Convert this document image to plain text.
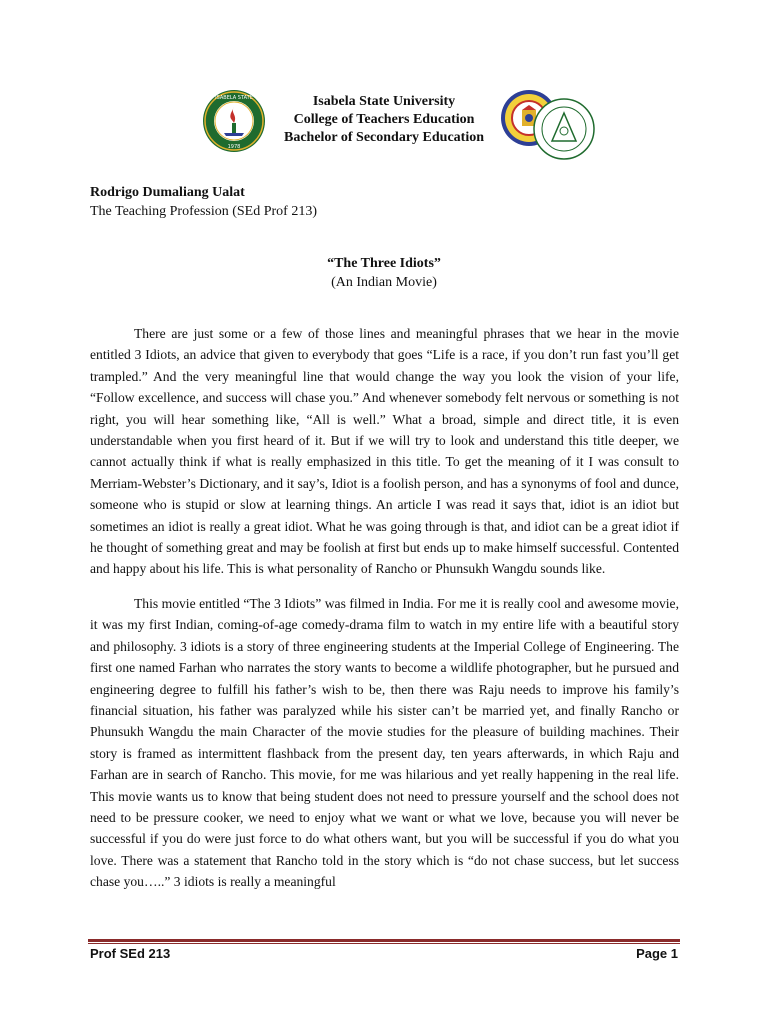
ISABELA STATE
1978
Isabela State University
College of Teachers Education
Bachelor of Secondary Education
Rodrigo Dumaliang Ualat
The Teaching Profession (SEd Prof 213)
“The Three Idiots”
(An Indian Movie)

There are just some or a few of those lines and meaningful phrases that we hear in the movie entitled 3 Idiots, an advice that given to everybody that goes “Life is a race, if you don’t run fast you’ll get trampled.” And the very meaningful line that would change the way you look the vision of your life, “Follow excellence, and success will chase you.” And whenever somebody felt nervous or something is not right, you will hear something like, “All is well.” What a broad, simple and direct title, it is even understandable when you first heard of it. But if we will try to look and understand this title deeper, we cannot actually think if what is really emphasized in this title. To get the meaning of it I was consult to Merriam-Webster’s Dictionary, and it say’s, Idiot is a foolish person, and has a synonyms of fool and dunce, someone who is stupid or slow at learning things. An article I was read it says that, idiot is an idiot but sometimes an idiot is really a great idiot. What he was going through is that, and idiot can be a great idiot if he thought of something great and may be foolish at first but ends up to make himself successful. Contented and happy about his life. This is what personality of Rancho or Phunsukh Wangdu sounds like.

This movie entitled “The 3 Idiots” was filmed in India. For me it is really cool and awesome movie, it was my first Indian, coming-of-age comedy-drama film to watch in my entire life with a beautiful story and philosophy. 3 idiots is a story of three engineering students at the Imperial College of Engineering. The first one named Farhan who narrates the story wants to become a wildlife photographer, but he pursued and engineering degree to fulfill his father’s wish to be, then there was Raju needs to improve his family’s financial situation, his father was paralyzed while his sister can’t be married yet, and finally Rancho or Phunsukh Wangdu the main Character of the movie studies for the pleasure of building machines. Their story is framed as intermittent flashback from the present day, ten years afterwards, in which Raju and Farhan are in search of Rancho. This movie, for me was hilarious and yet really happening in the real life. This movie wants us to know that being student does not need to pressure yourself and the school does not need to be pressure cooker, we need to enjoy what we want or what we love, because you will never be successful if you do were just force to do what others want, but you will be successful if you do what you love. There was a statement that Rancho told in the story which is “do not chase success, but let success chase you…..” 3 idiots is really a meaningful

Prof SEd 213	Page 1
